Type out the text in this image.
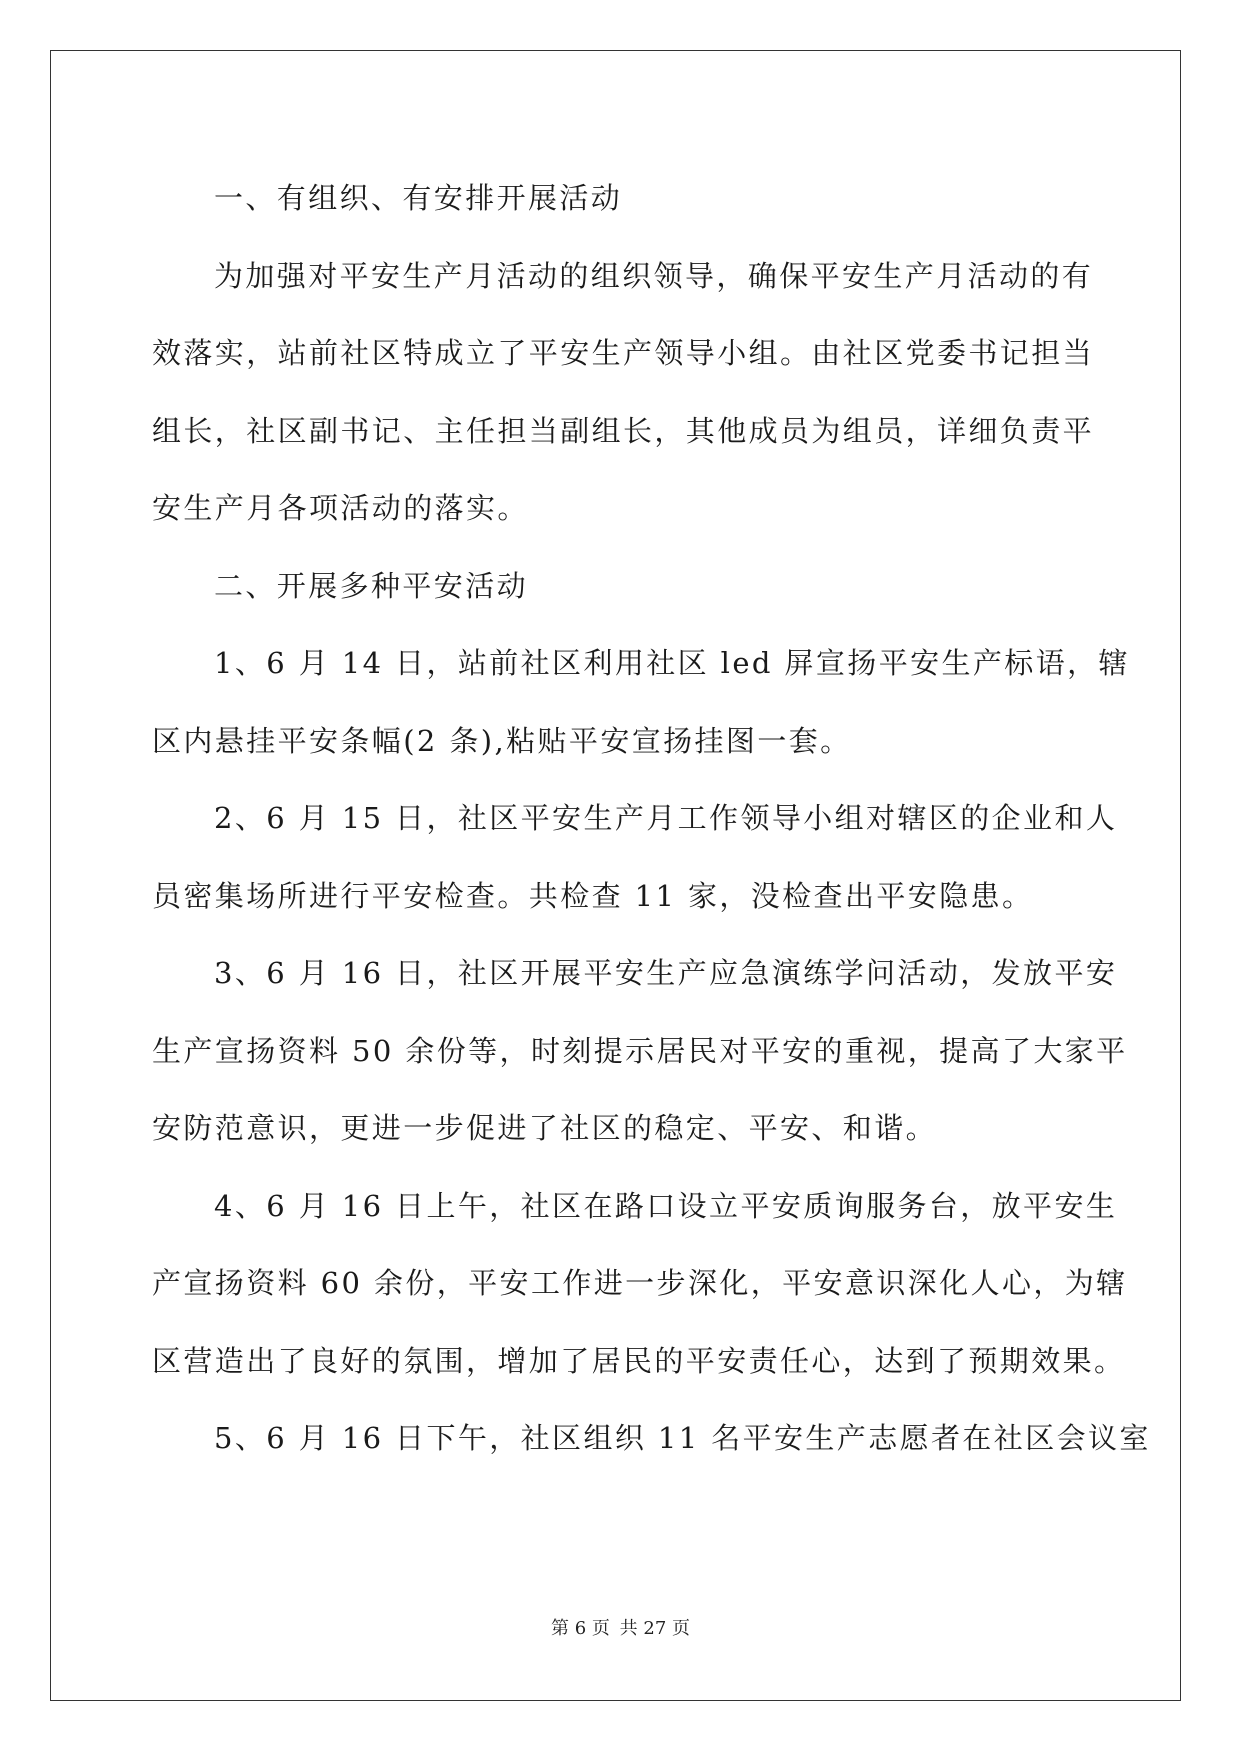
一、有组织、有安排开展活动
为加强对平安生产月活动的组织领导，确保平安生产月活动的有
效落实，站前社区特成立了平安生产领导小组。由社区党委书记担当
组长，社区副书记、主任担当副组长，其他成员为组员，详细负责平
安生产月各项活动的落实。
二、开展多种平安活动
1、6 月 14 日，站前社区利用社区 led 屏宣扬平安生产标语，辖
区内悬挂平安条幅(2 条),粘贴平安宣扬挂图一套。
2、6 月 15 日，社区平安生产月工作领导小组对辖区的企业和人
员密集场所进行平安检查。共检查 11 家，没检查出平安隐患。
3、6 月 16 日，社区开展平安生产应急演练学问活动，发放平安
生产宣扬资料 50 余份等，时刻提示居民对平安的重视，提高了大家平
安防范意识，更进一步促进了社区的稳定、平安、和谐。
4、6 月 16 日上午，社区在路口设立平安质询服务台，放平安生
产宣扬资料 60 余份，平安工作进一步深化，平安意识深化人心，为辖
区营造出了良好的氛围，增加了居民的平安责任心，达到了预期效果。
5、6 月 16 日下午，社区组织 11 名平安生产志愿者在社区会议室
第 6 页 共 27 页
